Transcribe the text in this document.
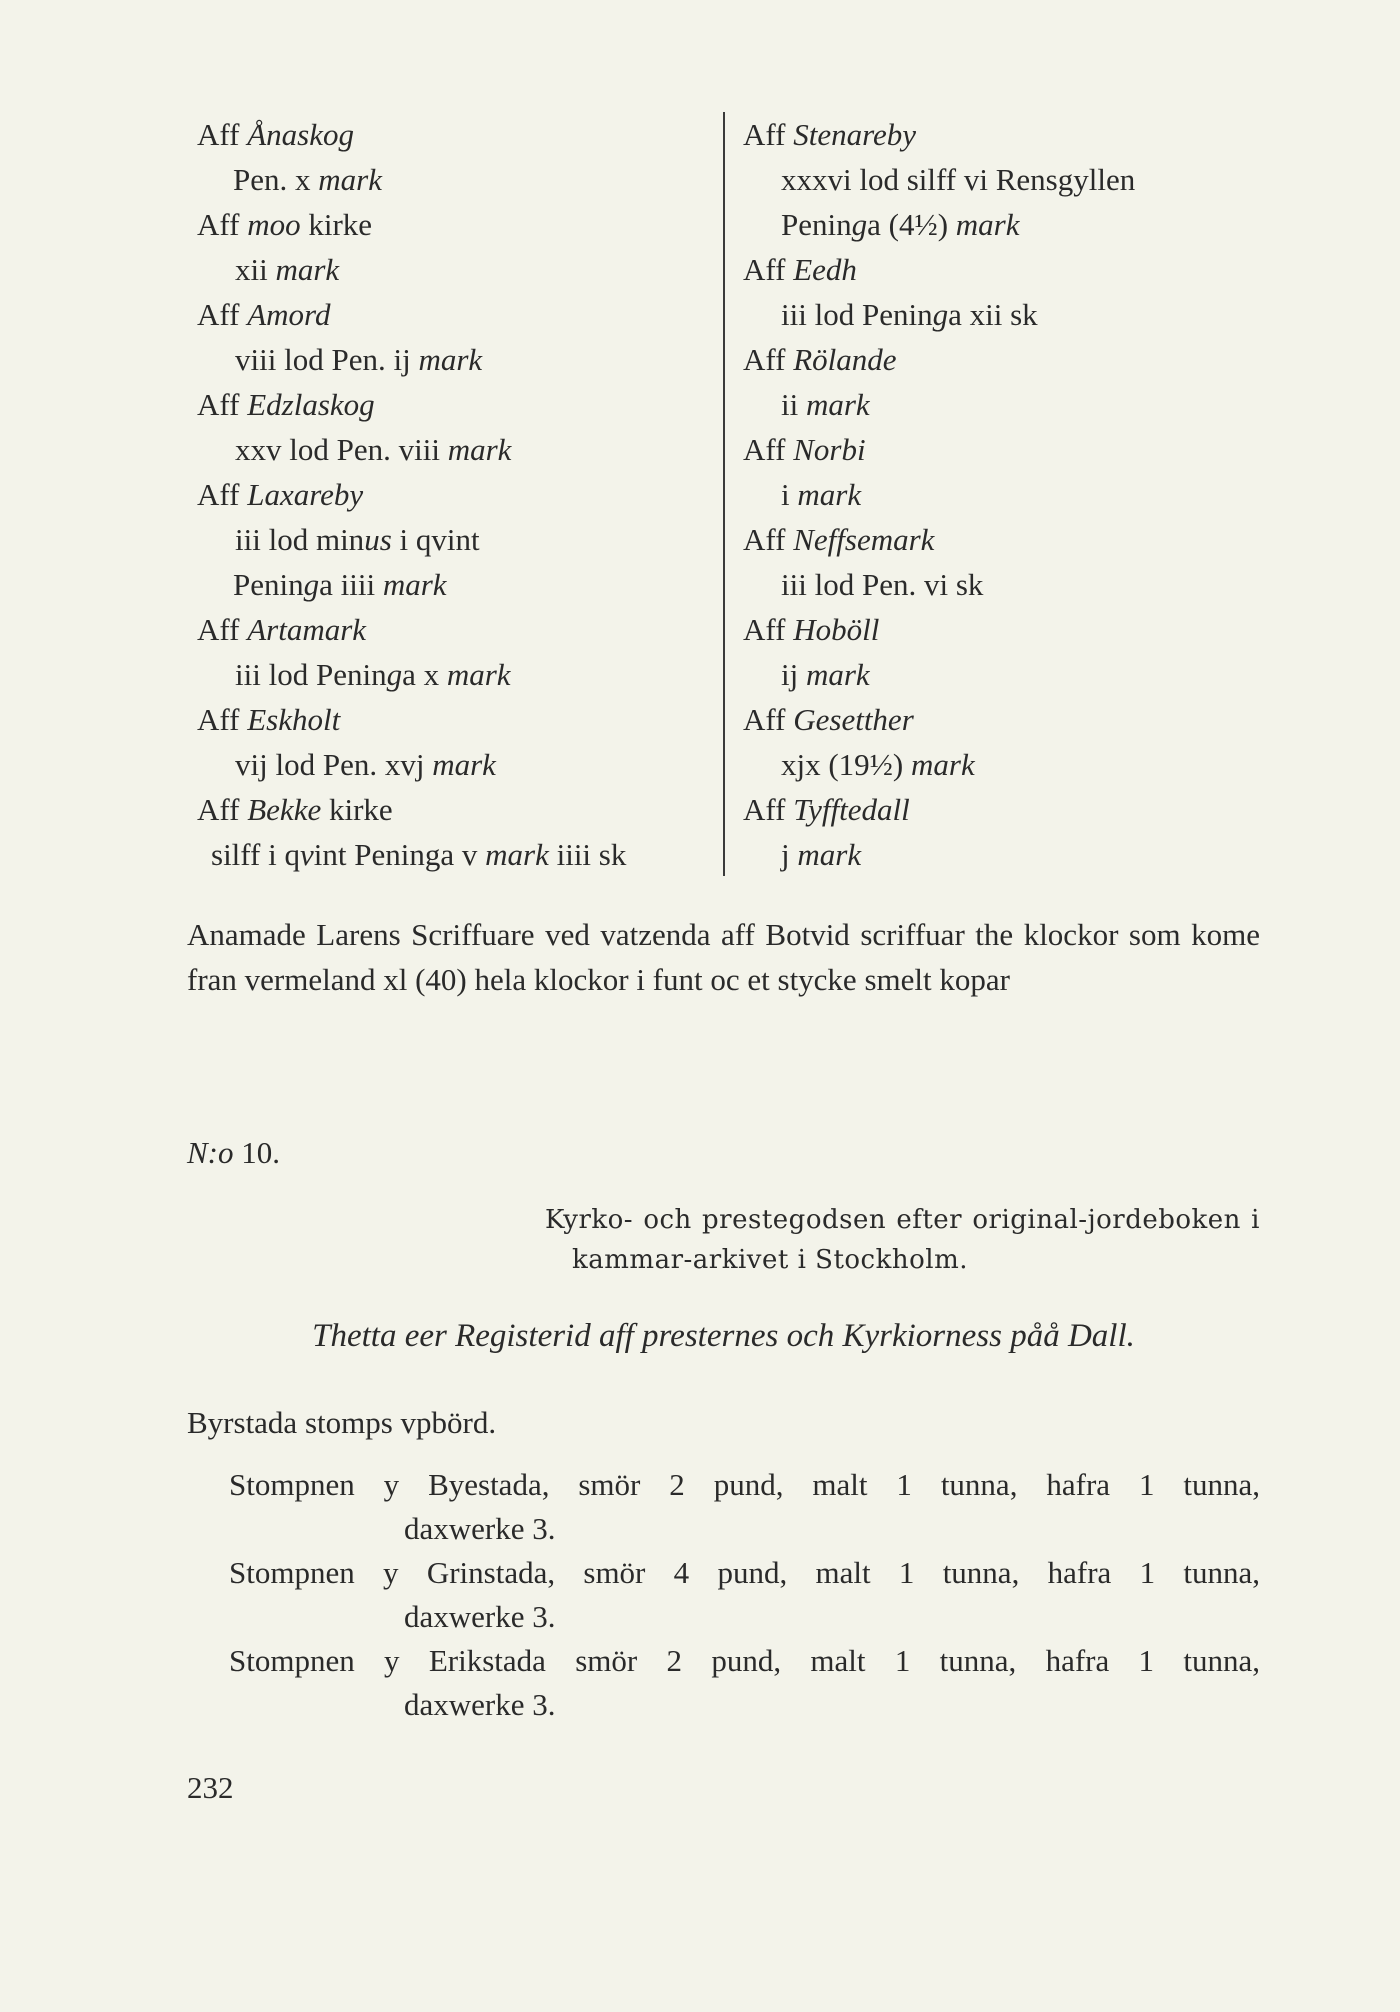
Aff Ånaskog
Pen. x mark
Aff moo kirke
xii mark
Aff Amord
viii lod Pen. ij mark
Aff Edzlaskog
xxv lod Pen. viii mark
Aff Laxareby
iii lod minus i qvint
Peninga iiii mark
Aff Artamark
iii lod Peninga x mark
Aff Eskholt
vij lod Pen. xvj mark
Aff Bekke kirke
silff i qvint Peninga v mark iiii sk
Aff Stenareby
xxxvi lod silff vi Rensgyllen
Peninga (4½) mark
Aff Eedh
iii lod Peninga xii sk
Aff Rölande
ii mark
Aff Norbi
i mark
Aff Neffsemark
iii lod Pen. vi sk
Aff Hoböll
ij mark
Aff Gesetther
xjx (19½) mark
Aff Tyfftedall
j mark
Anamade Larens Scriffuare ved vatzenda aff Botvid scriffuar the klockor som kome fran vermeland xl (40) hela klockor i funt oc et stycke smelt kopar
N:o 10.
Kyrko- och prestegodsen efter original-jordeboken i
kammar-arkivet i Stockholm.
Thetta eer Registerid aff presternes och Kyrkiorness påå Dall.
Byrstada stomps vpbörd.
Stompnen y Byestada, smör 2 pund, malt 1 tunna, hafra 1 tunna,
daxwerke 3.
Stompnen y Grinstada, smör 4 pund, malt 1 tunna, hafra 1 tunna,
daxwerke 3.
Stompnen y Erikstada smör 2 pund, malt 1 tunna, hafra 1 tunna,
daxwerke 3.
232
